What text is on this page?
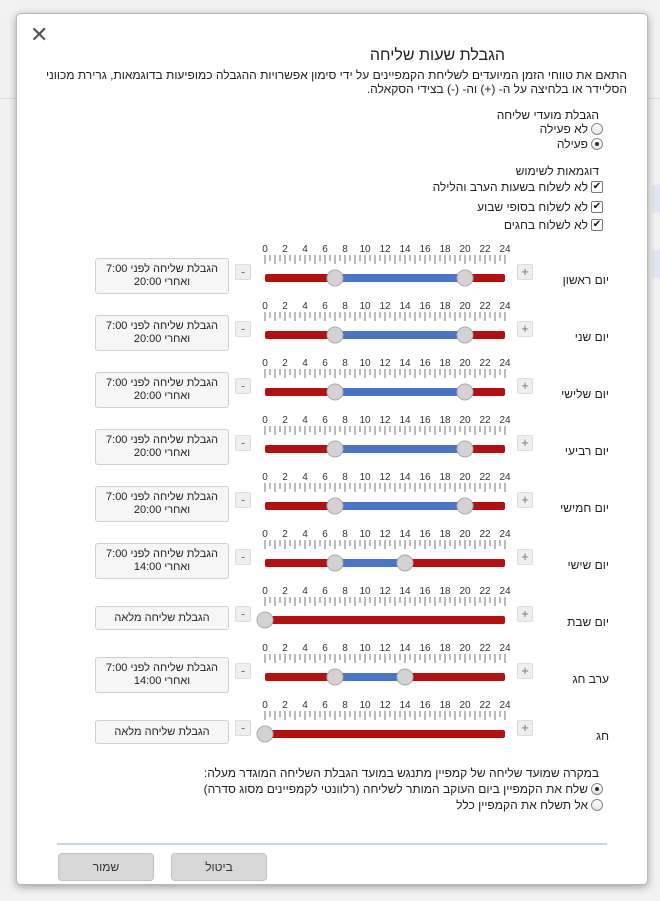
✕
הגבלת שעות שליחה
התאם את טווחי הזמן המיועדים לשליחת הקמפיינים על ידי סימון אפשרויות ההגבלה כמופיעות בדוגמאות, גרירת מכווני הסליידר או בלחיצה על ה- (+) וה- (-) בצידי הסקאלה.
הגבלת מועדי שליחה
לא פעילה
פעילה
דוגמאות לשימוש
✔
לא לשלוח בשעות הערב והלילה
✔
לא לשלוח בסופי שבוע
✔
לא לשלוח בחגים
יום ראשון
+
-
הגבלת שליחה לפני 7:00
ואחרי 20:00
0 2 4 6 8 10 12 14 16 18 20 22 24
יום שני
+
-
הגבלת שליחה לפני 7:00
ואחרי 20:00
0 2 4 6 8 10 12 14 16 18 20 22 24
יום שלישי
+
-
הגבלת שליחה לפני 7:00
ואחרי 20:00
0 2 4 6 8 10 12 14 16 18 20 22 24
יום רביעי
+
-
הגבלת שליחה לפני 7:00
ואחרי 20:00
0 2 4 6 8 10 12 14 16 18 20 22 24
יום חמישי
+
-
הגבלת שליחה לפני 7:00
ואחרי 20:00
0 2 4 6 8 10 12 14 16 18 20 22 24
יום שישי
+
-
הגבלת שליחה לפני 7:00
ואחרי 14:00
0 2 4 6 8 10 12 14 16 18 20 22 24
יום שבת
+
-
הגבלת שליחה מלאה
0 2 4 6 8 10 12 14 16 18 20 22 24
ערב חג
+
-
הגבלת שליחה לפני 7:00
ואחרי 14:00
0 2 4 6 8 10 12 14 16 18 20 22 24
חג
+
-
הגבלת שליחה מלאה
0 2 4 6 8 10 12 14 16 18 20 22 24
במקרה שמועד שליחה של קמפיין מתנגש במועד הגבלת השליחה המוגדר מעלה:
שלח את הקמפיין ביום העוקב המותר לשליחה (רלוונטי לקמפיינים מסוג סדרה)
אל תשלח את הקמפיין כלל
ביטול
שמור
